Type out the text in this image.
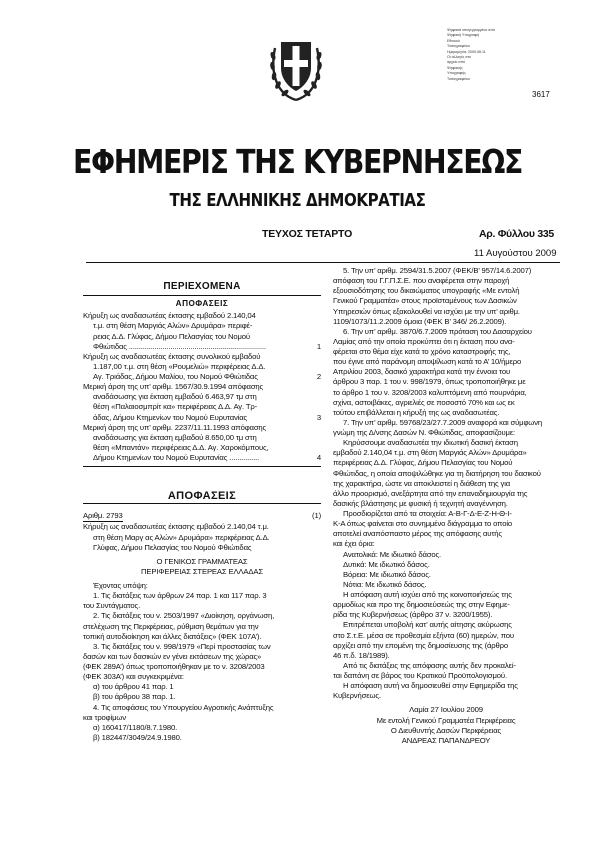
Ψηφιακά υπογεγραμμένο από
Ψηφιακή Υπογραφή
Εθνικού
Τυπογραφείου
Ημερομηνία: 2009.08.11
Οι αλλαγές στο
αρχείο από
Ψηφιακής
Υπογραφής
Τυπογραφείου
3617
ΕΦΗΜΕΡΙΣ ΤΗΣ ΚΥΒΕΡΝΗΣΕΩΣ
ΤΗΣ ΕΛΛΗΝΙΚΗΣ ΔΗΜΟΚΡΑΤΙΑΣ
ΤΕΥΧΟΣ ΤΕΤΑΡΤΟ	Αρ. Φύλλου 335
11 Αυγούστου 2009
ΠΕΡΙΕΧΟΜΕΝΑ
ΑΠΟΦΑΣΕΙΣ
Κήρυξη ως αναδασωτέας έκτασης εμβαδού 2.140,04
τ.μ. στη θέση Μαργιάς Αλών» Δρυμάρα» περιφέ-
ρειας Δ.Δ. Γλύφας, Δήμου Πελασγίας του Νομού
Φθιώτιδας .....................................................................	1
Κήρυξη ως αναδασωτέας έκτασης συνολικού εμβαδού
1.187,00 τ.μ. στη θέση «Ρουμελιώ» περιφέρειας Δ.Δ.
Αγ. Τριάδας, Δήμου Μαλίου, του Νομού Φθιώτιδας	2
Μερική άρση της υπ’ αριθμ. 1567/30.9.1994 απόφασης
αναδάσωσης για έκταση εμβαδού 6.463,97 τμ στη
θέση «Παλαιοσμπρίτ κα» περιφέρειας Δ.Δ. Αγ. Τρ-
άδας, Δήμου Κτημενίων του Νομού Ευρυτανίας	3
Μερική άρση της υπ’ αριθμ. 2237/11.11.1993 απόφασης
αναδάσωσης για έκταση εμβαδού 8.650,00 τμ στη
θέση «Μπαντάν» περιφέρειας Δ.Δ. Αγ. Χαροκόμπους,
Δήμου Κτημενίων του Νομού Ευρυτανίας ...............	4
ΑΠΟΦΑΣΕΙΣ
Αριθμ. 2793	(1)
Κήρυξη ως αναδασωτέας έκτασης εμβαδού 2.140,04 τ.μ.
στη θέση Μαργ ας Αλών» Δρυμάρα» περιφέρειας Δ.Δ.
Γλύφας, Δήμου Πελασγίας του Νομού Φθιώτιδας
Ο ΓΕΝΙΚΟΣ ΓΡΑΜΜΑΤΕΑΣ
ΠΕΡΙΦΕΡΕΙΑΣ ΣΤΕΡΕΑΣ ΕΛΛΑΔΑΣ
Έχοντας υπόψη:
1. Τις διατάξεις των άρθρων 24 παρ. 1 και 117 παρ. 3
του Συντάγματος.
2. Τις διατάξεις του ν. 2503/1997 «Διοίκηση, οργάνωση,
στελέχωση της Περιφέρειας, ρύθμιση θεμάτων για την
τοπική αυτοδιοίκηση και άλλες διατάξεις» (ΦΕΚ 107Α’).
3. Τις διατάξεις του ν. 998/1979 «Περί προστασίας των
δασών και των δασικών εν γένει εκτάσεων της χώρας»
(ΦΕΚ 289Α’) όπως τροποποιήθηκαν με το ν. 3208/2003
(ΦΕΚ 303Α’) και συγκεκριμένα:
α) του άρθρου 41 παρ. 1
β) του άρθρου 38 παρ. 1.
4. Τις αποφάσεις του Υπουργείου Αγροτικής Ανάπτυξης
και τροφίμων
α) 160417/1180/8.7.1980.
β) 182447/3049/24.9.1980.
5. Την υπ’ αριθμ. 2594/31.5.2007 (ΦΕΚ/Β’ 957/14.6.2007)
απόφαση του Γ.Γ.Π.Σ.Ε. που αναφέρεται στην παροχή
εξουσιοδότησης του δικαιώματος υπογραφής «Με εντολή
Γενικού Γραμματέα» στους προϊσταμένους των Δασικών
Υπηρεσιών όπως εξακολουθεί να ισχύει με την υπ’ αριθμ.
1109/1073/11.2.2009 όμοια (ΦΕΚ Β’ 346/ 26.2.2009).
6. Την υπ’ αριθμ. 3870/6.7.2009 πρόταση του Δασαρχείου
Λαμίας από την οποία προκύπτει ότι η έκταση που ανα-
φέρεται στο θέμα είχε κατά το χρόνο καταστροφής της,
που έγινε από παράνομη αποψίλωση κατά το Α’ 10/ήμερο
Απριλίου 2003, δασικό χαρακτήρα κατά την έννοια του
άρθρου 3 παρ. 1 του ν. 998/1979, όπως τροποποιήθηκε με
το άρθρο 1 του ν. 3208/2003 καλυπτόμενη από πουρνάρια,
σχίνα, αστοιβάκες, αγριελιές σε ποσοστό 70% και ως εκ
τούτου επιβάλλεται η κήρυξή της ως αναδασωτέας.
7. Την υπ’ αριθμ. 59768/23/27.7.2009 αναφορά και σύμφωνη
γνώμη της Δ/νσης Δασών Ν. Φθιώτιδας, αποφασίζουμε:
Κηρύσσουμε αναδασωτέα την ιδιωτική δασική έκταση
εμβαδού 2.140,04 τ.μ. στη θέση Μαργιάς Αλών» Δρυμάρα»
περιφέρειας Δ.Δ. Γλύφας, Δήμου Πελασγίας του Νομού
Φθιώτιδας, η οποία αποψιλώθηκε για τη διατήρηση του δασικού
της χαρακτήρα, ώστε να αποκλειστεί η διάθεση της για
άλλο προορισμό, ανεξάρτητα από την επαναδημιουργία της
δασικής βλάστησης με φυσική ή τεχνητή αναγέννηση.
Προσδιορίζεται από τα στοιχεία: Α-Β-Γ-Δ-Ε-Ζ-Η-Θ-Ι-
Κ-Α όπως φαίνεται στο συνημμένο διάγραμμα το οποίο
αποτελεί αναπόσπαστο μέρος της απόφασης αυτής
και έχει όρια:
Ανατολικά: Με ιδιωτικό δάσος.
Δυτικά: Με ιδιωτικό δάσος.
Βόρεια: Με ιδιωτικό δάσος.
Νότια: Με ιδιωτικό δάσος.
Η απόφαση αυτή ισχύει από της κοινοποιήσεώς της
αρμοδίως και προ της δημοσιεύσεώς της στην Εφημε-
ρίδα της Κυβερνήσεως (άρθρο 37 ν. 3200/1955).
Επιτρέπεται υποβολή κατ’ αυτής αίτησης ακύρωσης
στο Σ.τ.Ε. μέσα σε προθεσμία εξήντα (60) ημερών, που
αρχίζει από την επομένη της δημοσίευσης της (άρθρο
46 π.δ. 18/1989).
Από τις διατάξεις της απόφασης αυτής δεν προκαλεί-
ται δαπάνη σε βάρος του Κρατικού Προϋπολογισμού.
Η απόφαση αυτή να δημοσιευθεί στην Εφημερίδα της
Κυβερνήσεως.
Λαμία 27 Ιουλίου 2009
Με εντολή Γενικού Γραμματέα Περιφέρειας
Ο Διευθυντής Δασών Περιφέρειας
ΑΝΔΡΕΑΣ ΠΑΠΑΝΔΡΕΟΥ
